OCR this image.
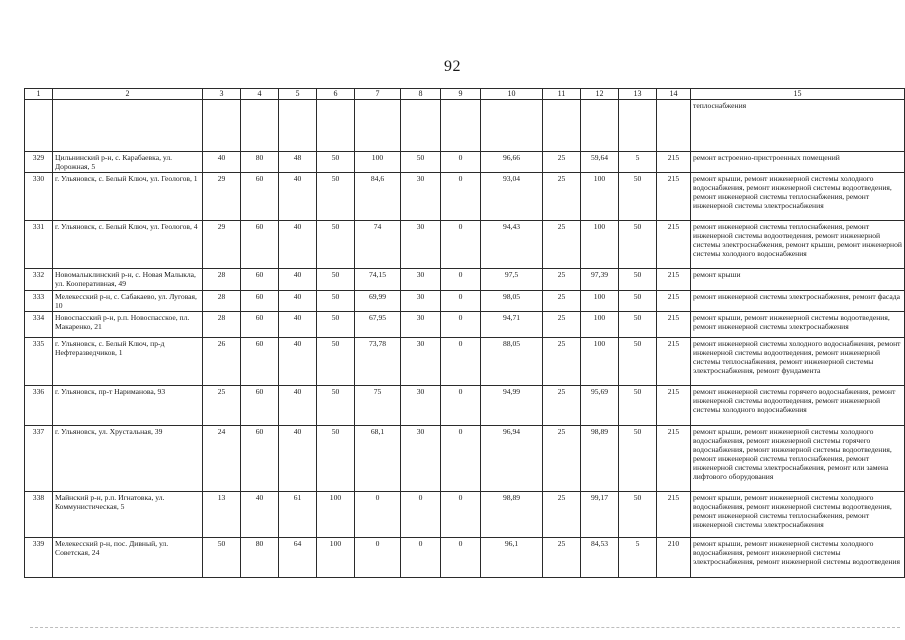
92
1	2	3	4	5	6	7	8	9	10	11	12	13	14	15
														теплоснабжения
329	Цильнинский р-н, с. Карабаевка, ул. Дорожная, 5	40	80	48	50	100	50	0	96,66	25	59,64	5	215	ремонт встроенно-пристроенных помещений
330	г. Ульяновск, с. Белый Ключ, ул. Геологов, 1	29	60	40	50	84,6	30	0	93,04	25	100	50	215	ремонт крыши, ремонт инженерной системы холодного водоснабжения, ремонт инженерной системы водоотведения, ремонт инженерной системы теплоснабжения, ремонт инженерной системы электроснабжения
331	г. Ульяновск, с. Белый Ключ, ул. Геологов, 4	29	60	40	50	74	30	0	94,43	25	100	50	215	ремонт инженерной системы теплоснабжения, ремонт инженерной системы водоотведения, ремонт инженерной системы электроснабжения, ремонт крыши, ремонт инженерной системы холодного водоснабжения
332	Новомалыклинский р-н, с. Новая Малыкла, ул. Кооперативная, 49	28	60	40	50	74,15	30	0	97,5	25	97,39	50	215	ремонт крыши
333	Мелекесский р-н, с. Сабакаево, ул. Луговая, 10	28	60	40	50	69,99	30	0	98,05	25	100	50	215	ремонт инженерной системы электроснабжения, ремонт фасада
334	Новоспасский р-н, р.п. Новоспасское, пл. Макаренко, 21	28	60	40	50	67,95	30	0	94,71	25	100	50	215	ремонт крыши, ремонт инженерной системы водоотведения, ремонт инженерной системы электроснабжения
335	г. Ульяновск, с. Белый Ключ, пр-д Нефтеразведчиков, 1	26	60	40	50	73,78	30	0	88,05	25	100	50	215	ремонт инженерной системы холодного водоснабжения, ремонт инженерной системы водоотведения, ремонт инженерной системы теплоснабжения, ремонт инженерной системы электроснабжения, ремонт фундамента
336	г. Ульяновск, пр-т Нариманова, 93	25	60	40	50	75	30	0	94,99	25	95,69	50	215	ремонт инженерной системы горячего водоснабжения, ремонт инженерной системы водоотведения, ремонт инженерной системы холодного водоснабжения
337	г. Ульяновск, ул. Хрустальная, 39	24	60	40	50	68,1	30	0	96,94	25	98,89	50	215	ремонт крыши, ремонт инженерной системы холодного водоснабжения, ремонт инженерной системы горячего водоснабжения, ремонт инженерной системы водоотведения, ремонт инженерной системы теплоснабжения, ремонт инженерной системы электроснабжения, ремонт или замена лифтового оборудования
338	Майнский р-н, р.п. Игнатовка, ул. Коммунистическая, 5	13	40	61	100	0	0	0	98,89	25	99,17	50	215	ремонт крыши, ремонт инженерной системы холодного водоснабжения, ремонт инженерной системы водоотведения, ремонт инженерной системы теплоснабжения, ремонт инженерной системы электроснабжения
339	Мелекесский р-н, пос. Дивный, ул. Советская, 24	50	80	64	100	0	0	0	96,1	25	84,53	5	210	ремонт крыши, ремонт инженерной системы холодного водоснабжения, ремонт инженерной системы электроснабжения, ремонт инженерной системы водоотведения
